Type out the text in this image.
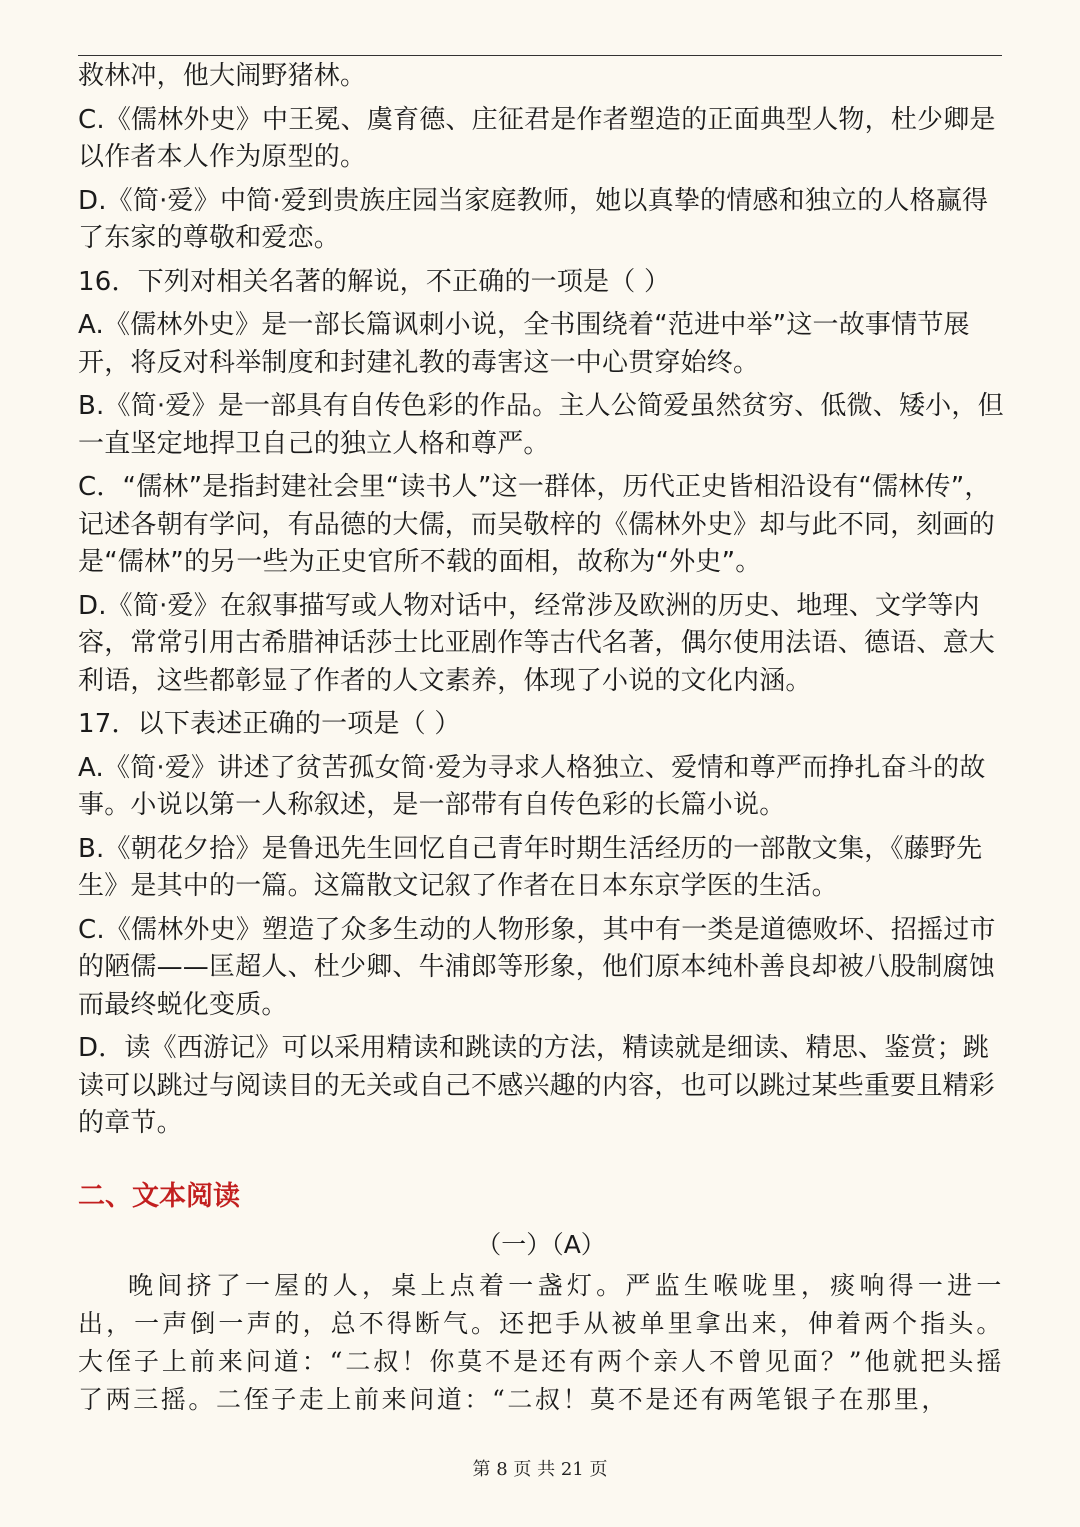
救林冲，他大闹野猪林。

C.《儒林外史》中王冕、虞育德、庄征君是作者塑造的正面典型人物，杜少卿是以作者本人作为原型的。

D.《简·爱》中简·爱到贵族庄园当家庭教师，她以真挚的情感和独立的人格赢得了东家的尊敬和爱恋。

16．下列对相关名著的解说，不正确的一项是（ ）

A.《儒林外史》是一部长篇讽刺小说，全书围绕着“范进中举”这一故事情节展开，将反对科举制度和封建礼教的毒害这一中心贯穿始终。

B.《简·爱》是一部具有自传色彩的作品。主人公简爱虽然贫穷、低微、矮小，但一直坚定地捍卫自己的独立人格和尊严。

C．“儒林”是指封建社会里“读书人”这一群体，历代正史皆相沿设有“儒林传”，记述各朝有学问，有品德的大儒，而吴敬梓的《儒林外史》却与此不同，刻画的是“儒林”的另一些为正史官所不载的面相，故称为“外史”。

D.《简·爱》在叙事描写或人物对话中，经常涉及欧洲的历史、地理、文学等内容，常常引用古希腊神话莎士比亚剧作等古代名著，偶尔使用法语、德语、意大利语，这些都彰显了作者的人文素养，体现了小说的文化内涵。

17．以下表述正确的一项是（ ）

A.《简·爱》讲述了贫苦孤女简·爱为寻求人格独立、爱情和尊严而挣扎奋斗的故事。小说以第一人称叙述，是一部带有自传色彩的长篇小说。

B.《朝花夕拾》是鲁迅先生回忆自己青年时期生活经历的一部散文集，《藤野先生》是其中的一篇。这篇散文记叙了作者在日本东京学医的生活。

C.《儒林外史》塑造了众多生动的人物形象，其中有一类是道德败坏、招摇过市的陋儒——匡超人、杜少卿、牛浦郎等形象，他们原本纯朴善良却被八股制腐蚀而最终蜕化变质。

D．读《西游记》可以采用精读和跳读的方法，精读就是细读、精思、鉴赏；跳读可以跳过与阅读目的无关或自己不感兴趣的内容，也可以跳过某些重要且精彩的章节。

二、文本阅读
（一）（A）

晚间挤了一屋的人，桌上点着一盏灯。严监生喉咙里，痰响得一进一出，一声倒一声的，总不得断气。还把手从被单里拿出来，伸着两个指头。大侄子上前来问道：“二叔！你莫不是还有两个亲人不曾见面？”他就把头摇了两三摇。二侄子走上前来问道：“二叔！莫不是还有两笔银子在那里，

第 8 页 共 21 页
